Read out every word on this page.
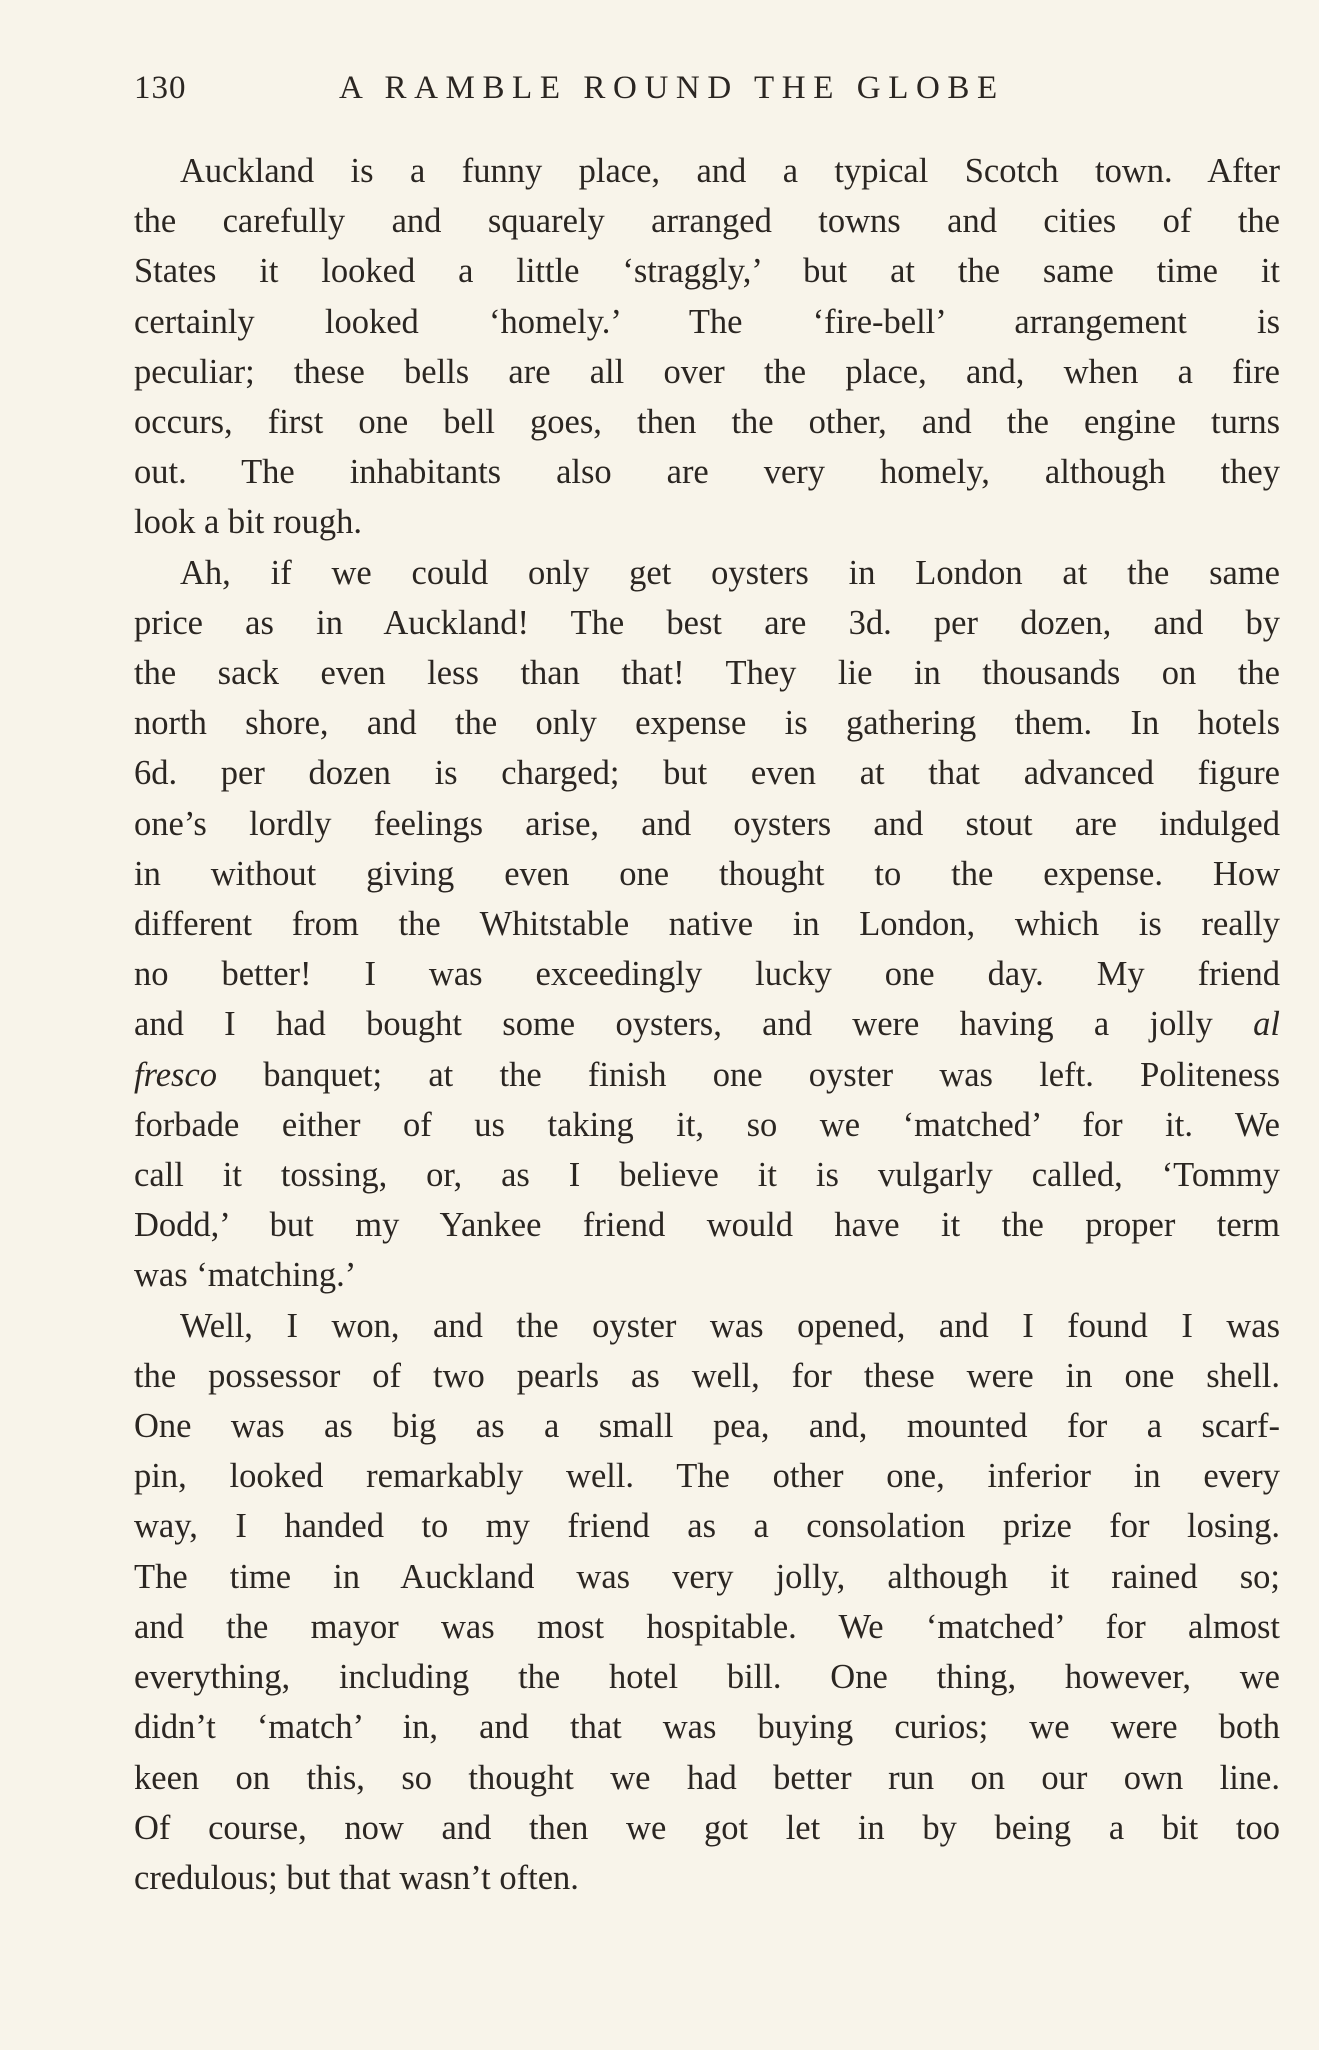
130	A RAMBLE ROUND THE GLOBE
Auckland is a funny place, and a typical Scotch town. After
the carefully and squarely arranged towns and cities of the
States it looked a little ‘straggly,’ but at the same time it
certainly looked ‘homely.’ The ‘fire-bell’ arrangement is
peculiar; these bells are all over the place, and, when a fire
occurs, first one bell goes, then the other, and the engine turns
out. The inhabitants also are very homely, although they
look a bit rough.
Ah, if we could only get oysters in London at the same
price as in Auckland! The best are 3d. per dozen, and by
the sack even less than that! They lie in thousands on the
north shore, and the only expense is gathering them. In hotels
6d. per dozen is charged; but even at that advanced figure
one’s lordly feelings arise, and oysters and stout are indulged
in without giving even one thought to the expense. How
different from the Whitstable native in London, which is really
no better! I was exceedingly lucky one day. My friend
and I had bought some oysters, and were having a jolly al
fresco banquet; at the finish one oyster was left. Politeness
forbade either of us taking it, so we ‘matched’ for it. We
call it tossing, or, as I believe it is vulgarly called, ‘Tommy
Dodd,’ but my Yankee friend would have it the proper term
was ‘matching.’
Well, I won, and the oyster was opened, and I found I was
the possessor of two pearls as well, for these were in one shell.
One was as big as a small pea, and, mounted for a scarf-
pin, looked remarkably well. The other one, inferior in every
way, I handed to my friend as a consolation prize for losing.
The time in Auckland was very jolly, although it rained so;
and the mayor was most hospitable. We ‘matched’ for almost
everything, including the hotel bill. One thing, however, we
didn’t ‘match’ in, and that was buying curios; we were both
keen on this, so thought we had better run on our own line.
Of course, now and then we got let in by being a bit too
credulous; but that wasn’t often.
